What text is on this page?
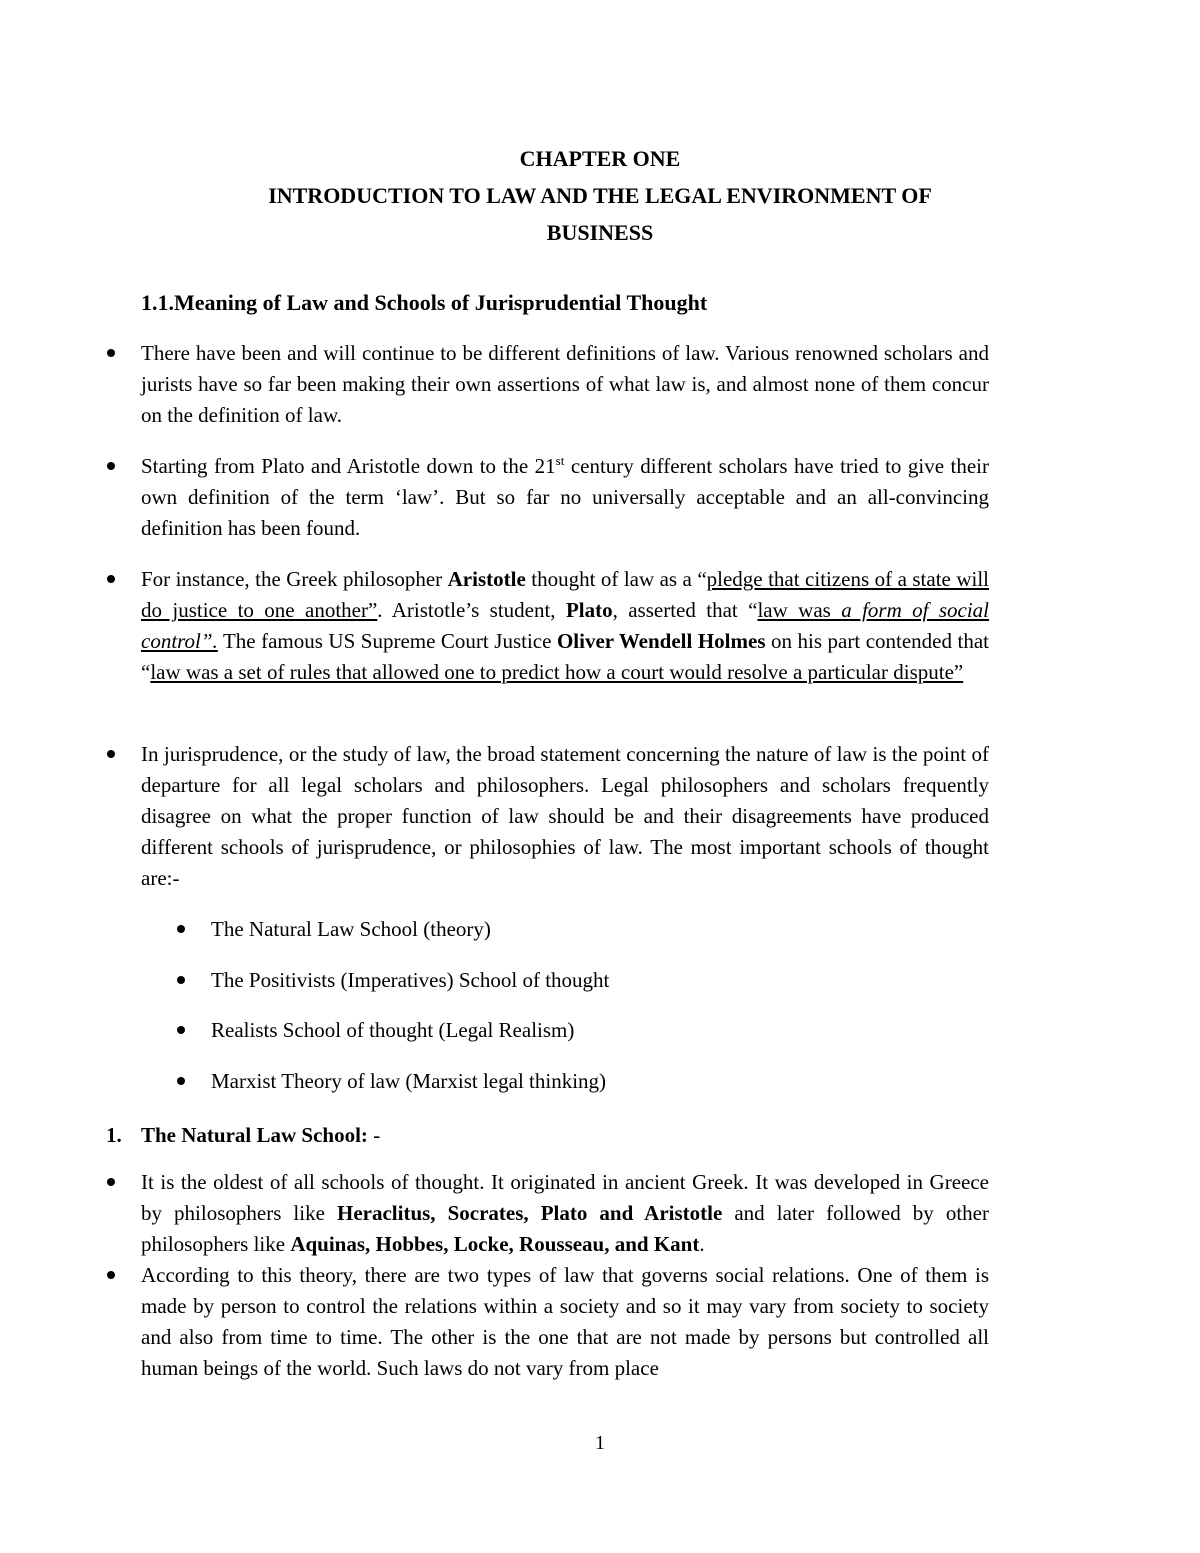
CHAPTER ONE
INTRODUCTION TO LAW AND THE LEGAL ENVIRONMENT OF
BUSINESS
1.1.Meaning of Law and Schools of Jurisprudential Thought
There have been and will continue to be different definitions of law. Various renowned scholars and jurists have so far been making their own assertions of what law is, and almost none of them concur on the definition of law.
Starting from Plato and Aristotle down to the 21st century different scholars have tried to give their own definition of the term ‘law’. But so far no universally acceptable and an all-convincing definition has been found.
For instance, the Greek philosopher Aristotle thought of law as a “pledge that citizens of a state will do justice to one another”. Aristotle’s student, Plato, asserted that “law was a form of social control”. The famous US Supreme Court Justice Oliver Wendell Holmes on his part contended that “law was a set of rules that allowed one to predict how a court would resolve a particular dispute”
In jurisprudence, or the study of law, the broad statement concerning the nature of law is the point of departure for all legal scholars and philosophers. Legal philosophers and scholars frequently disagree on what the proper function of law should be and their disagreements have produced different schools of jurisprudence, or philosophies of law. The most important schools of thought are:-
The Natural Law School (theory)
The Positivists (Imperatives) School of thought
Realists School of thought (Legal Realism)
Marxist Theory of law (Marxist legal thinking)
1. The Natural Law School: -
It is the oldest of all schools of thought. It originated in ancient Greek. It was developed in Greece by philosophers like Heraclitus, Socrates, Plato and Aristotle and later followed by other philosophers like Aquinas, Hobbes, Locke, Rousseau, and Kant.
According to this theory, there are two types of law that governs social relations. One of them is made by person to control the relations within a society and so it may vary from society to society and also from time to time. The other is the one that are not made by persons but controlled all human beings of the world. Such laws do not vary from place
1
